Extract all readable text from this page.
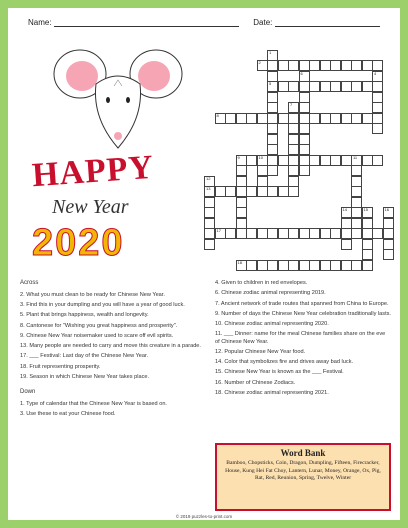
Name:	Date:
HAPPY
New Year
2020
1
5
2
4
6
7
8
9	10	11
12
13
15	16
17
18
14
Across

2. What you must clean to be ready for Chinese New Year.

3. Find this in your dumpling and you will have a year of good luck.

5. Plant that brings happiness, wealth and longevity.

8. Cantonese for "Wishing you great happiness and prosperity".

9. Chinese New Year noisemaker used to scare off evil spirits.

13. Many people are needed to carry and move this creature in a parade.

17. ___ Festival: Last day of the Chinese New Year.

18. Fruit representing prosperity.

19. Season in which Chinese New Year takes place.

Down

1. Type of calendar that the Chinese New Year is based on.

3. Use these to eat your Chinese food.

4. Given to children in red envelopes.

6. Chinese zodiac animal representing 2019.

7. Ancient network of trade routes that spanned from China to Europe.

9. Number of days the Chinese New Year celebration traditionally lasts.

10. Chinese zodiac animal representing 2020.

11. ___ Dinner: name for the meal Chinese families share on the eve of Chinese New Year.

12. Popular Chinese New Year food.

14. Color that symbolizes fire and drives away bad luck.

15. Chinese New Year is known as the ___ Festival.

16. Number of Chinese Zodiacs.

18. Chinese zodiac animal representing 2021.

Word Bank

Bamboo, Chopsticks, Coin, Dragon, Dumpling, Fifteen, Firecracker, House, Kung Hei Fat Choy, Lantern, Lunar, Money, Orange, Ox, Pig, Rat, Red, Reunion, Spring, Twelve, Winter

© 2019 puzzles-to-print.com
